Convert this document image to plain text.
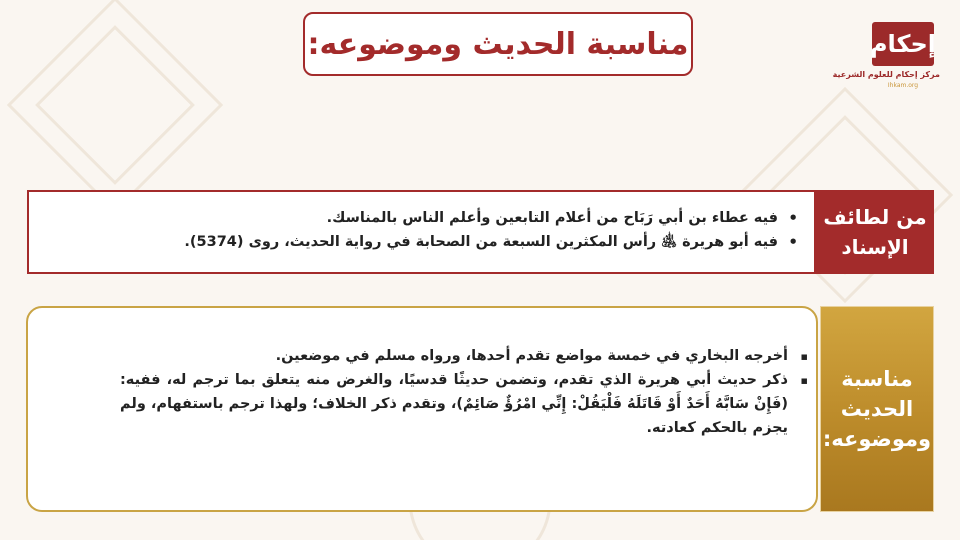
مناسبة الحديث وموضوعه:	إحكام
مركز إحكام للعلوم الشرعية
Ihkam.org
من لطائف
الإسناد
•
فيه عطاء بن أبي رَبَاح من أعلام التابعين وأعلم الناس بالمناسك.
•
فيه أبو هريرة ﵁ رأس المكثرين السبعة من الصحابة في رواية الحديث، روى (5374).
مناسبة
الحديث
وموضوعه:
▪
أخرجه البخاري في خمسة مواضع تقدم أحدها، ورواه مسلم في موضعين.
▪
ذكر حديث أبي هريرة الذي تقدم، وتضمن حديثًا قدسيًا، والغرض منه يتعلق بما ترجم له، ففيه: (فَإِنْ سَابَّهُ أَحَدٌ أَوْ قَاتَلَهُ فَلْيَقُلْ: إِنِّي امْرُؤٌ صَائِمٌ)، وتقدم ذكر الخلاف؛ ولهذا ترجم باستفهام، ولم يجزم بالحكم كعادته.
